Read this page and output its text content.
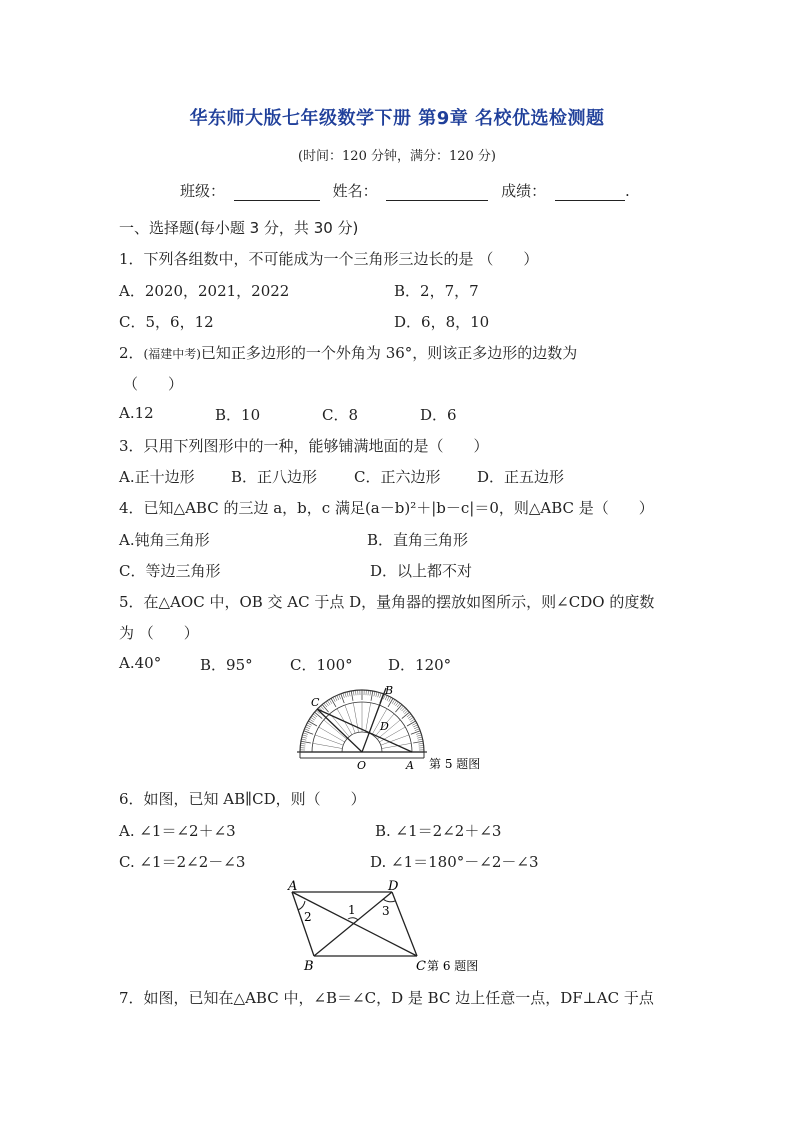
华东师大版七年级数学下册 第9章 名校优选检测题
(时间：120 分钟，满分：120 分)
班级：	姓名：	成绩：	.
一、选择题(每小题 3 分，共 30 分)
1．下列各组数中，不可能成为一个三角形三边长的是 （　　）
A．2020，2021，2022	B．2，7，7
C．5，6，12	D．6，8，10
2．(福建中考)已知正多边形的一个外角为 36°，则该正多边形的边数为
（　　）
A.12	B．10	C．8	D．6
3．只用下列图形中的一种，能够铺满地面的是（　　）
A.正十边形 B．正八边形 C．正六边形 D．正五边形
4．已知△ABC 的三边 a，b，c 满足(a－b)²＋|b－c|＝0，则△ABC 是（　　）
A.钝角三角形	B．直角三角形
C．等边三角形	D．以上都不对
5．在△AOC 中，OB 交 AC 于点 D，量角器的摆放如图所示，则∠CDO 的度数
为 （　　）
A.40°	B．95° C．100° D．120°
C
B
D
O	A 第 5 题图
6．如图，已知 AB∥CD，则（　　）
A. ∠1＝∠2＋∠3	B. ∠1＝2∠2＋∠3
C. ∠1＝2∠2－∠3	D. ∠1＝180°－∠2－∠3
A	D
B	C
2	1 3
第 6 题图
7．如图，已知在△ABC 中，∠B＝∠C，D 是 BC 边上任意一点，DF⊥AC 于点
